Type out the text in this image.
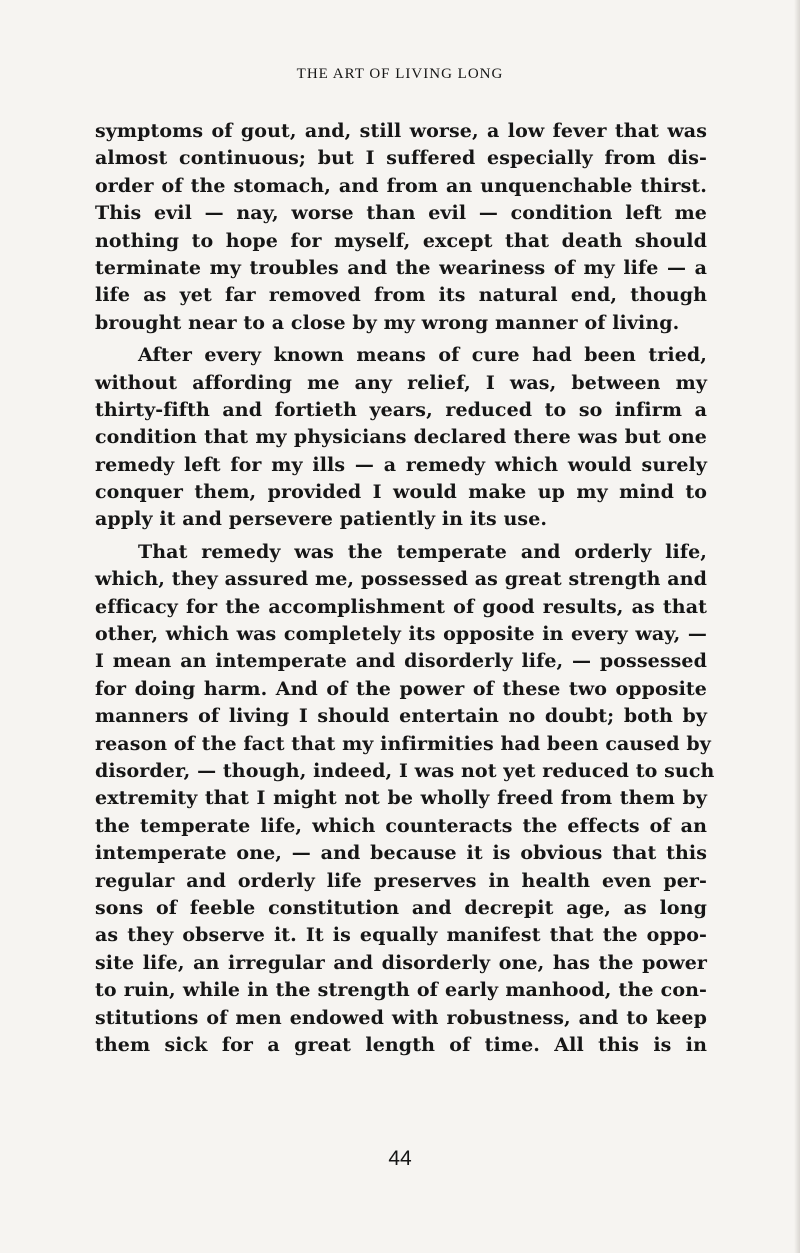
THE ART OF LIVING LONG
symptoms of gout, and, still worse, a low fever that was
almost continuous; but I suffered especially from dis-
order of the stomach, and from an unquenchable thirst.
This evil — nay, worse than evil — condition left me
nothing to hope for myself, except that death should
terminate my troubles and the weariness of my life — a
life as yet far removed from its natural end, though
brought near to a close by my wrong manner of living.
After every known means of cure had been tried,
without affording me any relief, I was, between my
thirty-fifth and fortieth years, reduced to so infirm a
condition that my physicians declared there was but one
remedy left for my ills — a remedy which would surely
conquer them, provided I would make up my mind to
apply it and persevere patiently in its use.
That remedy was the temperate and orderly life,
which, they assured me, possessed as great strength and
efficacy for the accomplishment of good results, as that
other, which was completely its opposite in every way, —
I mean an intemperate and disorderly life, — possessed
for doing harm. And of the power of these two opposite
manners of living I should entertain no doubt; both by
reason of the fact that my infirmities had been caused by
disorder, — though, indeed, I was not yet reduced to such
extremity that I might not be wholly freed from them by
the temperate life, which counteracts the effects of an
intemperate one, — and because it is obvious that this
regular and orderly life preserves in health even per-
sons of feeble constitution and decrepit age, as long
as they observe it. It is equally manifest that the oppo-
site life, an irregular and disorderly one, has the power
to ruin, while in the strength of early manhood, the con-
stitutions of men endowed with robustness, and to keep
them sick for a great length of time. All this is in
44
